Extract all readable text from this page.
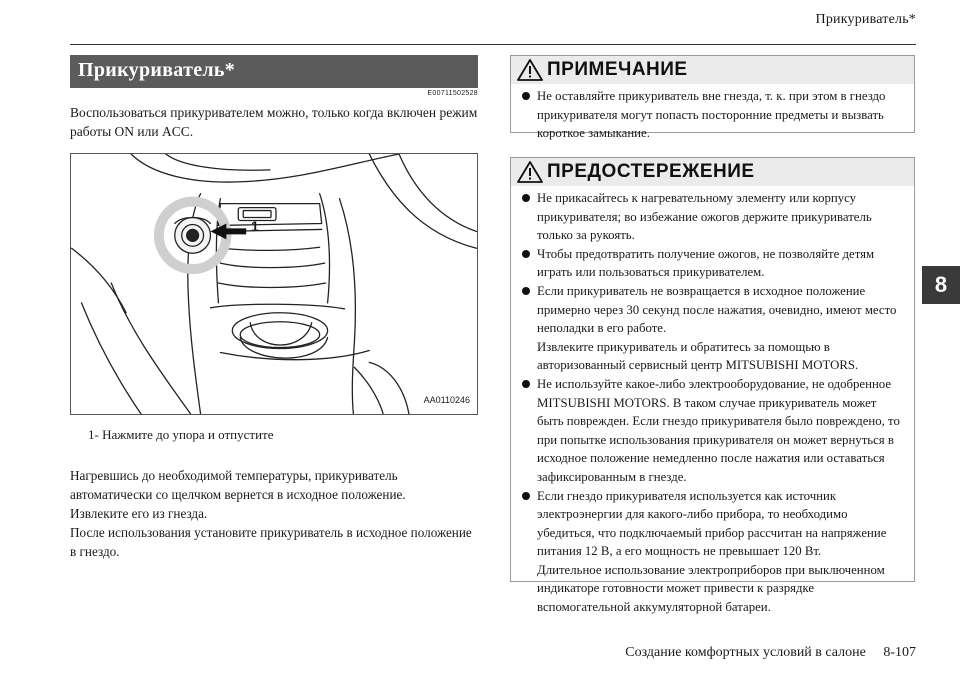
Прикуриватель*
8
Прикуриватель*
E00711502528

Воспользоваться прикуривателем можно, только когда включен режим работы ON или ACC.

1
AA0110246
1- Нажмите до упора и отпустите

Нагревшись до необходимой температуры, прикуриватель автоматически со щелчком вернется в исходное положение.

Извлеките его из гнезда.

После использования установите прикуриватель в исходное положение в гнездо.

ПРИМЕЧАНИЕ
Не оставляйте прикуриватель вне гнезда, т. к. при этом в гнездо прикуривателя могут попасть посторонние предметы и вызвать короткое замыкание.
ПРЕДОСТЕРЕЖЕНИЕ
Не прикасайтесь к нагревательному элементу или корпусу прикуривателя; во избежание ожогов держите прикуриватель только за рукоять.
Чтобы предотвратить получение ожогов, не позволяйте детям играть или пользоваться прикуривателем.
Если прикуриватель не возвращается в исходное положение примерно через 30 секунд после нажатия, очевидно, имеют место неполадки в его работе.
Извлеките прикуриватель и обратитесь за помощью в авторизованный сервисный центр MITSUBISHI MOTORS.
Не используйте какое-либо электрооборудование, не одобренное MITSUBISHI MOTORS. В таком случае прикуриватель может быть поврежден. Если гнездо прикуривателя было повреждено, то при попытке использования прикуривателя он может вернуться в исходное положение немедленно после нажатия или оставаться зафиксированным в гнезде.
Если гнездо прикуривателя используется как источник электроэнергии для какого-либо прибора, то необходимо убедиться, что подключаемый прибор рассчитан на напряжение питания 12 В, а его мощность не превышает 120 Вт.
Длительное использование электроприборов при выключенном индикаторе готовности может привести к разрядке вспомогательной аккумуляторной батареи.
Создание комфортных условий в салоне 8-107
